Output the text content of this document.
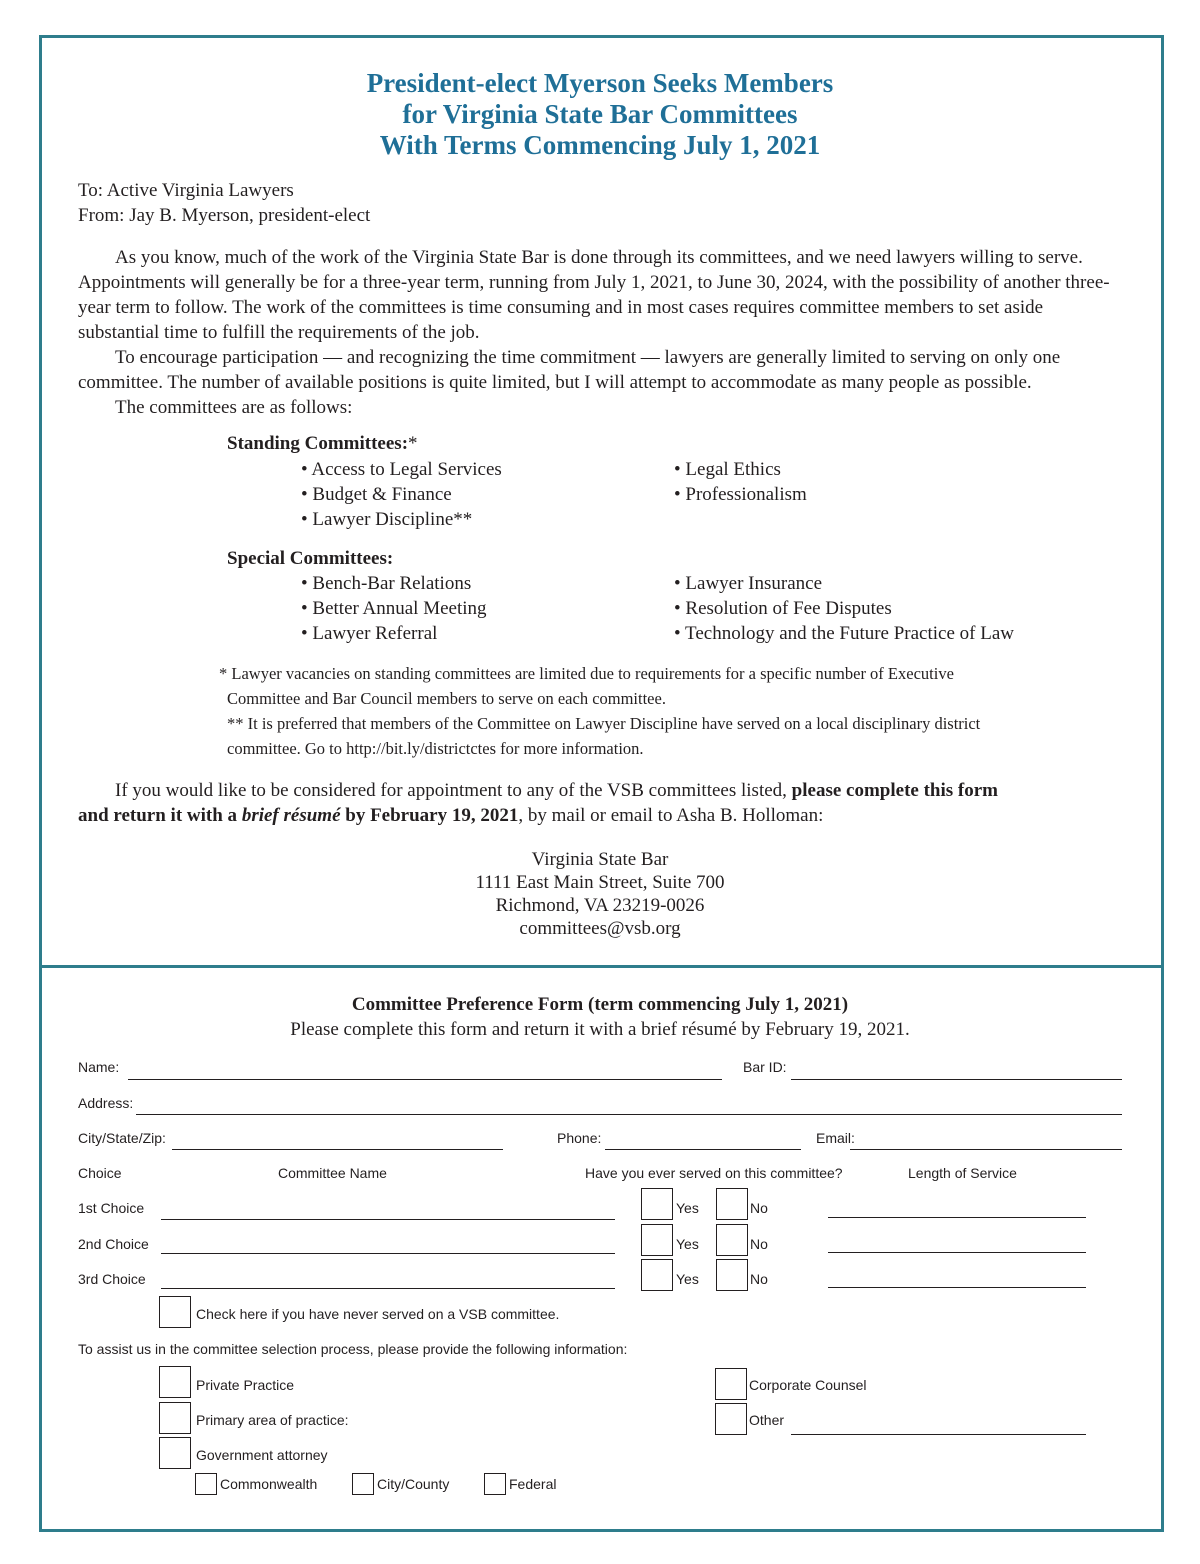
President-elect Myerson Seeks Members
for Virginia State Bar Committees
With Terms Commencing July 1, 2021
To: Active Virginia Lawyers
From: Jay B. Myerson, president-elect

As you know, much of the work of the Virginia State Bar is done through its committees, and we need lawyers willing to serve. Appointments will generally be for a three-year term, running from July 1, 2021, to June 30, 2024, with the possibility of another three-year term to follow. The work of the committees is time consuming and in most cases requires committee members to set aside substantial time to fulfill the requirements of the job.

To encourage participation — and recognizing the time commitment — lawyers are generally limited to serving on only one committee. The number of available positions is quite limited, but I will attempt to accommodate as many people as possible.

The committees are as follows:

Standing Committees:*
• Access to Legal Services
• Budget & Finance
• Lawyer Discipline**
• Legal Ethics
• Professionalism
Special Committees:
• Bench-Bar Relations
• Better Annual Meeting
• Lawyer Referral
• Lawyer Insurance
• Resolution of Fee Disputes
• Technology and the Future Practice of Law
* Lawyer vacancies on standing committees are limited due to requirements for a specific number of Executive
Committee and Bar Council members to serve on each committee.
** It is preferred that members of the Committee on Lawyer Discipline have served on a local disciplinary district
committee. Go to http://bit.ly/districtctes for more information.
If you would like to be considered for appointment to any of the VSB committees listed, please complete this form
and return it with a brief résumé by February 19, 2021, by mail or email to Asha B. Holloman:
Virginia State Bar
1111 East Main Street, Suite 700
Richmond, VA 23219-0026
committees@vsb.org
Committee Preference Form (term commencing July 1, 2021)
Please complete this form and return it with a brief résumé by February 19, 2021.
Name:	Bar ID:
Address:
City/State/Zip:	Phone:	Email:
Choice	Committee Name	Have you ever served on this committee?	Length of Service
1st Choice	Yes	No
2nd Choice	Yes	No
3rd Choice	Yes	No
Check here if you have never served on a VSB committee.
To assist us in the committee selection process, please provide the following information:
Private Practice
Primary area of practice:
Government attorney
Corporate Counsel
Other
Commonwealth	City/County	Federal
